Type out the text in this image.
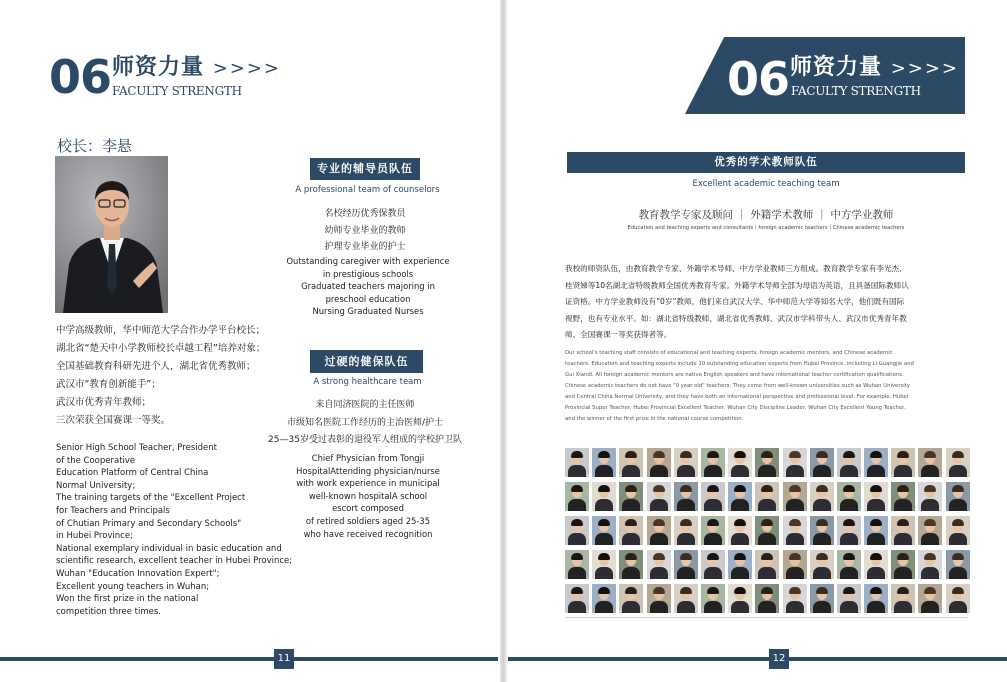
06 师资力量 >>>>
FACULTY STRENGTH
校长：李悬
中学高级教师，华中师范大学合作办学平台校长；
湖北省“楚天中小学教师校长卓越工程”培养对象；
全国基础教育科研先进个人，湖北省优秀教师；
武汉市“教育创新能手”；
武汉市优秀青年教师；
三次荣获全国赛课一等奖。
Senior High School Teacher, President
of the Cooperative
Education Platform of Central China
Normal University;
The training targets of the "Excellent Project
for Teachers and Principals
of Chutian Primary and Secondary Schools"
in Hubei Province;
National exemplary individual in basic education and
scientific research, excellent teacher in Hubei Province;
Wuhan "Education Innovation Expert";
Excellent young teachers in Wuhan;
Won the first prize in the national
competition three times.
专业的辅导员队伍
A professional team of counselors
名校经历优秀保教员
幼师专业毕业的教师
护理专业毕业的护士
Outstanding caregiver with experience
in prestigious schools
Graduated teachers majoring in
preschool education
Nursing Graduated Nurses
过硬的健保队伍
A strong healthcare team
来自同济医院的主任医师
市级知名医院工作经历的主治医师/护士
25—35岁受过表彰的退役军人组成的学校护卫队
Chief Physician from Tongji
HospitalAttending physician/nurse
with work experience in municipal
well-known hospitalA school
escort composed
of retired soldiers aged 25-35
who have received recognition
11
06 师资力量 >>>>
FACULTY STRENGTH
优秀的学术教师队伍
Excellent academic teaching team
教育教学专家及顾问 ｜ 外籍学术教师 ｜ 中方学业教师
Education and teaching experts and consultants丨foreign academic teachers丨Chinese academic teachers
我校的师资队伍，由教育教学专家、外籍学术导师、中方学业教师三方组成。教育教学专家有李光杰、
桂贤娣等10名湖北省特级教师全国优秀教育专家。外籍学术导师全部为母语为英语，且具备国际教师认
证资格。中方学业教师没有“0岁”教师，他们来自武汉大学、华中师范大学等知名大学，他们既有国际
视野，也有专业水平。如：湖北省特级教师、湖北省优秀教师、武汉市学科带头人、武汉市优秀青年教
师、全国赛课一等奖获得者等。
Our school's teaching staff consists of educational and teaching experts, foreign academic mentors, and Chinese academic
teachers. Education and teaching experts include 10 outstanding education experts from Hubei Province, including Li Guangjie and
Gui Xiandi. All foreign academic mentors are native English speakers and have international teacher certification qualifications.
Chinese academic teachers do not have "0 year old" teachers. They come from well-known universities such as Wuhan University
and Central China Normal University, and they have both an international perspective and professional level. For example, Hubei
Provincial Super Teacher, Hubei Provincial Excellent Teacher, Wuhan City Discipline Leader, Wuhan City Excellent Young Teacher,
and the winner of the first prize in the national course competition.
12
